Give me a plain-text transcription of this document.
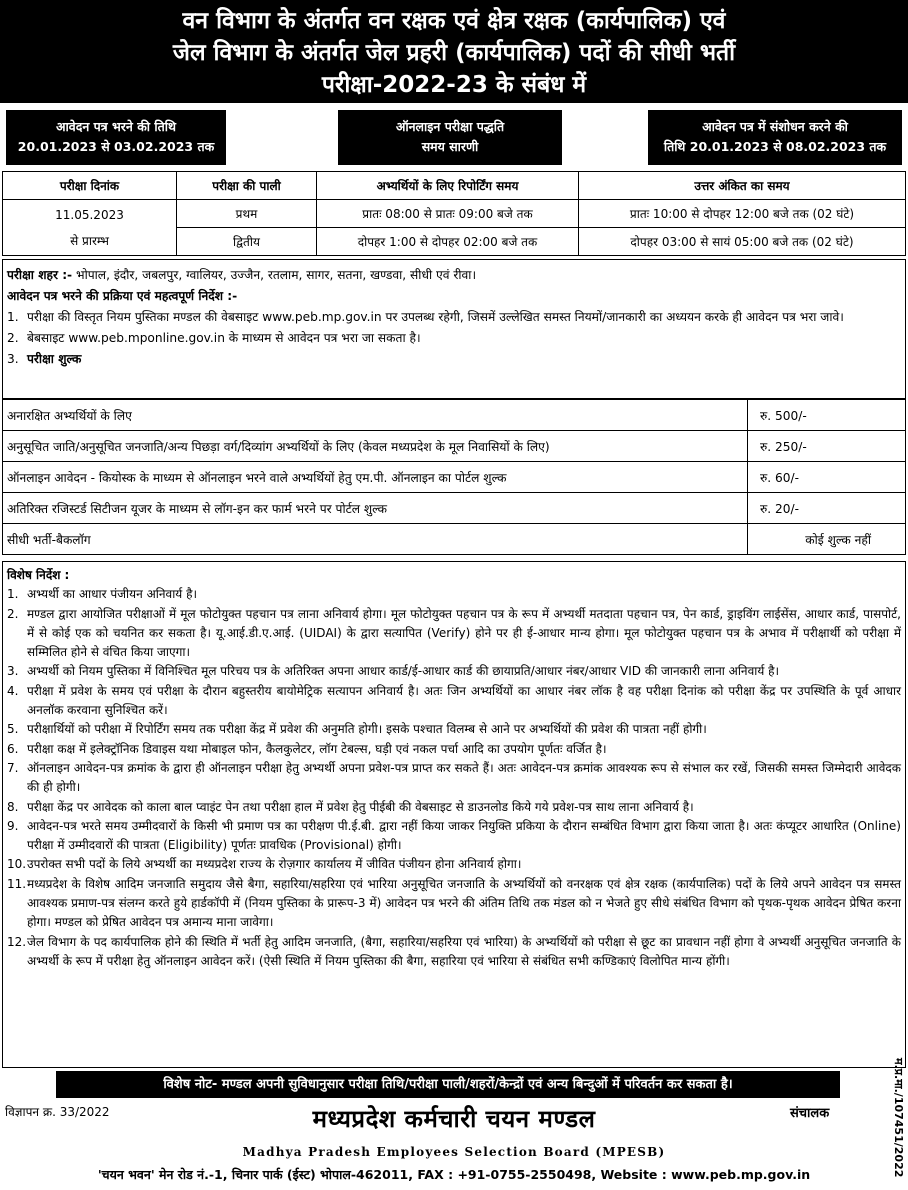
वन विभाग के अंतर्गत वन रक्षक एवं क्षेत्र रक्षक (कार्यपालिक) एवं
जेल विभाग के अंतर्गत जेल प्रहरी (कार्यपालिक) पदों की सीधी भर्ती
परीक्षा-2022-23 के संबंध में
आवेदन पत्र भरने की तिथि
20.01.2023 से 03.02.2023 तक
ऑनलाइन परीक्षा पद्धति
समय सारणी
आवेदन पत्र में संशोधन करने की
तिथि 20.01.2023 से 08.02.2023 तक
परीक्षा दिनांक	परीक्षा की पाली	अभ्यर्थियों के लिए रिपोर्टिंग समय	उत्तर अंकित का समय

11.05.2023
से प्रारम्भ	प्रथम	प्रातः 08:00 से प्रातः 09:00 बजे तक	प्रातः 10:00 से दोपहर 12:00 बजे तक (02 घंटे)
	द्वितीय	दोपहर 1:00 से दोपहर 02:00 बजे तक	दोपहर 03:00 से सायं 05:00 बजे तक (02 घंटे)
परीक्षा शहर :- भोपाल, इंदौर, जबलपुर, ग्वालियर, उज्जैन, रतलाम, सागर, सतना, खण्डवा, सीधी एवं रीवा।
आवेदन पत्र भरने की प्रक्रिया एवं महत्वपूर्ण निर्देश :-
1. परीक्षा की विस्तृत नियम पुस्तिका मण्डल की वेबसाइट www.peb.mp.gov.in पर उपलब्ध रहेगी, जिसमें उल्लेखित समस्त नियमों/जानकारी का अध्ययन करके ही आवेदन पत्र भरा जावे।
2. बेबसाइट www.peb.mponline.gov.in के माध्यम से आवेदन पत्र भरा जा सकता है।
3. परीक्षा शुल्क
अनारक्षित अभ्यर्थियों के लिए	रु. 500/-
अनुसूचित जाति/अनुसूचित जनजाति/अन्य पिछड़ा वर्ग/दिव्यांग अभ्यर्थियों के लिए (केवल मध्यप्रदेश के मूल निवासियों के लिए)	रु. 250/-
ऑनलाइन आवेदन - कियोस्क के माध्यम से ऑनलाइन भरने वाले अभ्यर्थियों हेतु एम.पी. ऑनलाइन का पोर्टल शुल्क	रु. 60/-
अतिरिक्त रजिस्टर्ड सिटीजन यूजर के माध्यम से लॉग-इन कर फार्म भरने पर पोर्टल शुल्क	रु. 20/-
सीधी भर्ती-बैकलॉग	कोई शुल्क नहीं
विशेष निर्देश :
1. अभ्यर्थी का आधार पंजीयन अनिवार्य है।
2. मण्डल द्वारा आयोजित परीक्षाओं में मूल फोटोयुक्त पहचान पत्र लाना अनिवार्य होगा। मूल फोटोयुक्त पहचान पत्र के रूप में अभ्यर्थी मतदाता पहचान पत्र, पेन कार्ड, ड्राइविंग लाईसेंस, आधार कार्ड, पासपोर्ट, में से कोई एक को चयनित कर सकता है। यू.आई.डी.ए.आई. (UIDAI) के द्वारा सत्यापित (Verify) होने पर ही ई-आधार मान्य होगा। मूल फोटोयुक्त पहचान पत्र के अभाव में परीक्षार्थी को परीक्षा में सम्मिलित होने से वंचित किया जाएगा।
3. अभ्यर्थी को नियम पुस्तिका में विनिश्चित मूल परिचय पत्र के अतिरिक्त अपना आधार कार्ड/ई-आधार कार्ड की छायाप्रति/आधार नंबर/आधार VID की जानकारी लाना अनिवार्य है।
4. परीक्षा में प्रवेश के समय एवं परीक्षा के दौरान बहुस्तरीय बायोमेट्रिक सत्यापन अनिवार्य है। अतः जिन अभ्यर्थियों का आधार नंबर लॉक है वह परीक्षा दिनांक को परीक्षा केंद्र पर उपस्थिति के पूर्व आधार अनलॉक करवाना सुनिश्चित करें।
5. परीक्षार्थियों को परीक्षा में रिपोर्टिंग समय तक परीक्षा केंद्र में प्रवेश की अनुमति होगी। इसके पश्चात विलम्ब से आने पर अभ्यर्थियों की प्रवेश की पात्रता नहीं होगी।
6. परीक्षा कक्ष में इलेक्ट्रॉनिक डिवाइस यथा मोबाइल फोन, कैलकुलेटर, लॉग टेबल्स, घड़ी एवं नकल पर्चा आदि का उपयोग पूर्णतः वर्जित है।
7. ऑनलाइन आवेदन-पत्र क्रमांक के द्वारा ही ऑनलाइन परीक्षा हेतु अभ्यर्थी अपना प्रवेश-पत्र प्राप्त कर सकते हैं। अतः आवेदन-पत्र क्रमांक आवश्यक रूप से संभाल कर रखें, जिसकी समस्त जिम्मेदारी आवेदक की ही होगी।
8. परीक्षा केंद्र पर आवेदक को काला बाल प्वाइंट पेन तथा परीक्षा हाल में प्रवेश हेतु पीईबी की वेबसाइट से डाउनलोड किये गये प्रवेश-पत्र साथ लाना अनिवार्य है।
9. आवेदन-पत्र भरते समय उम्मीदवारों के किसी भी प्रमाण पत्र का परीक्षण पी.ई.बी. द्वारा नहीं किया जाकर नियुक्ति प्रकिया के दौरान सम्बंधित विभाग द्वारा किया जाता है। अतः कंप्यूटर आधारित (Online) परीक्षा में उम्मीदवारों की पात्रता (Eligibility) पूर्णतः प्रावधिक (Provisional) होगी।
10. उपरोक्त सभी पदों के लिये अभ्यर्थी का मध्यप्रदेश राज्य के रोज़गार कार्यालय में जीवित पंजीयन होना अनिवार्य होगा।
11. मध्यप्रदेश के विशेष आदिम जनजाति समुदाय जैसे बैगा, सहारिया/सहरिया एवं भारिया अनुसूचित जनजाति के अभ्यर्थियों को वनरक्षक एवं क्षेत्र रक्षक (कार्यपालिक) पदों के लिये अपने आवेदन पत्र समस्त आवश्यक प्रमाण-पत्र संलग्न करते हुये हार्डकॉपी में (नियम पुस्तिका के प्रारूप-3 में) आवेदन पत्र भरने की अंतिम तिथि तक मंडल को न भेजते हुए सीधे संबंधित विभाग को पृथक-पृथक आवेदन प्रेषित करना होगा। मण्डल को प्रेषित आवेदन पत्र अमान्य माना जावेगा।
12. जेल विभाग के पद कार्यपालिक होने की स्थिति में भर्ती हेतु आदिम जनजाति, (बैगा, सहारिया/सहरिया एवं भारिया) के अभ्यर्थियों को परीक्षा से छूट का प्रावधान नहीं होगा वे अभ्यर्थी अनुसूचित जनजाति के अभ्यर्थी के रूप में परीक्षा हेतु ऑनलाइन आवेदन करें। (ऐसी स्थिति में नियम पुस्तिका की बैगा, सहारिया एवं भारिया से संबंधित सभी कण्डिकाएं विलोपित मान्य होंगी।
विशेष नोट- मण्डल अपनी सुविधानुसार परीक्षा तिथि/परीक्षा पाली/शहरों/केन्द्रों एवं अन्य बिन्दुओं में परिवर्तन कर सकता है।	म.प्र.मा./107451/2022
विज्ञापन क्र. 33/2022	संचालक
मध्यप्रदेश कर्मचारी चयन मण्डल
Madhya Pradesh Employees Selection Board (MPESB)
'चयन भवन' मेन रोड नं.-1, चिनार पार्क (ईस्ट) भोपाल-462011, FAX : +91-0755-2550498, Website : www.peb.mp.gov.in
